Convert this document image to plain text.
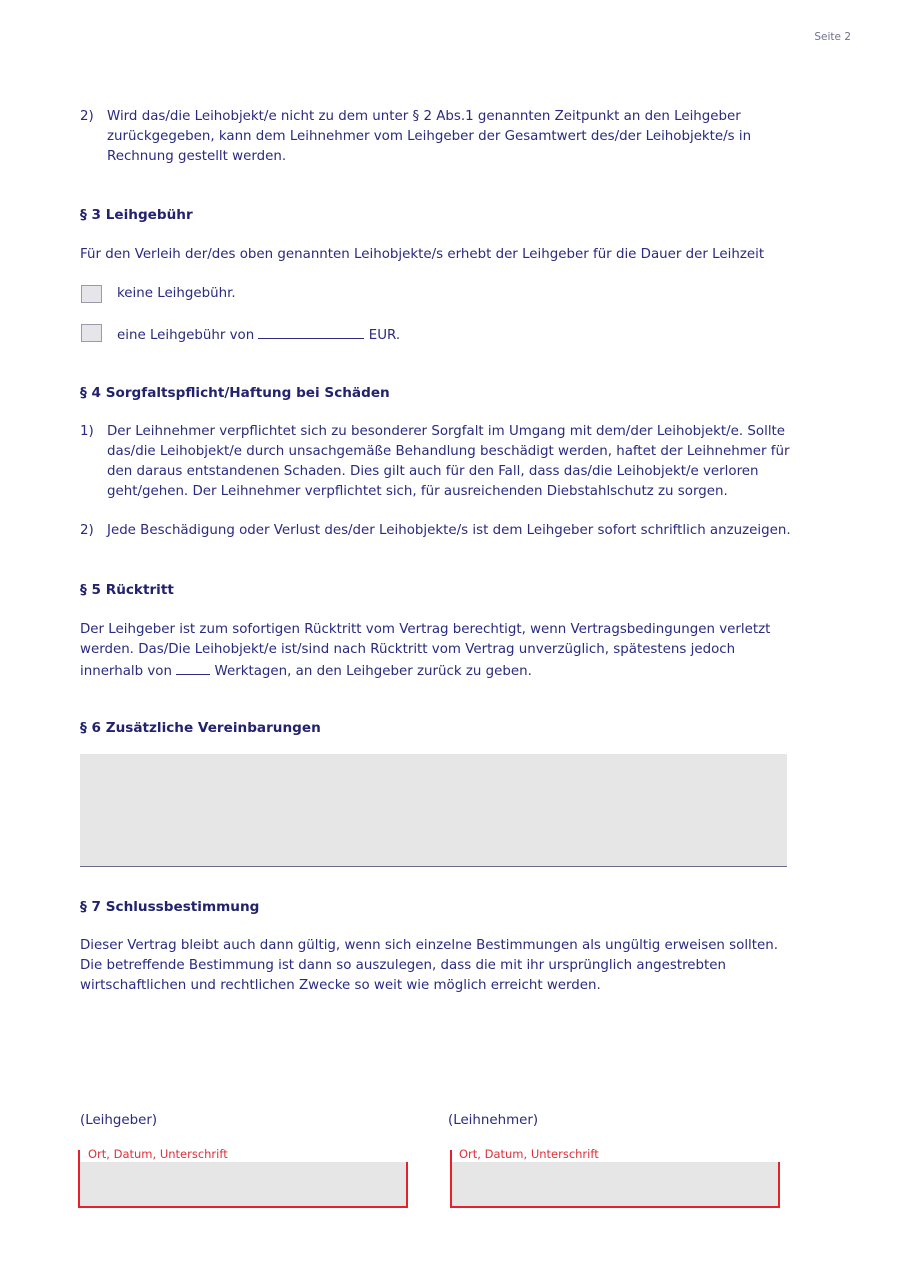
Seite 2
2) Wird das/die Leihobjekt/e nicht zu dem unter § 2 Abs.1 genannten Zeitpunkt an den Leihgeber zurückgegeben, kann dem Leihnehmer vom Leihgeber der Gesamtwert des/der Leihobjekte/s in Rechnung gestellt werden.
§ 3 Leihgebühr
Für den Verleih der/des oben genannten Leihobjekte/s erhebt der Leihgeber für die Dauer der Leihzeit
keine Leihgebühr.
eine Leihgebühr von	EUR.
§ 4 Sorgfaltspflicht/Haftung bei Schäden
1) Der Leihnehmer verpflichtet sich zu besonderer Sorgfalt im Umgang mit dem/der Leihobjekt/e. Sollte das/die Leihobjekt/e durch unsachgemäße Behandlung beschädigt werden, haftet der Leihnehmer für den daraus entstandenen Schaden. Dies gilt auch für den Fall, dass das/die Leihobjekt/e verloren geht/gehen. Der Leihnehmer verpflichtet sich, für ausreichenden Diebstahlschutz zu sorgen.
2) Jede Beschädigung oder Verlust des/der Leihobjekte/s ist dem Leihgeber sofort schriftlich anzuzeigen.
§ 5 Rücktritt
Der Leihgeber ist zum sofortigen Rücktritt vom Vertrag berechtigt, wenn Vertragsbedingungen verletzt werden. Das/Die Leihobjekt/e ist/sind nach Rücktritt vom Vertrag unverzüglich, spätestens jedoch innerhalb von	Werktagen, an den Leihgeber zurück zu geben.
§ 6 Zusätzliche Vereinbarungen
§ 7 Schlussbestimmung
Dieser Vertrag bleibt auch dann gültig, wenn sich einzelne Bestimmungen als ungültig erweisen sollten. Die betreffende Bestimmung ist dann so auszulegen, dass die mit ihr ursprünglich angestrebten wirtschaftlichen und rechtlichen Zwecke so weit wie möglich erreicht werden.
(Leihgeber)	(Leihnehmer)
Ort, Datum, Unterschrift	Ort, Datum, Unterschrift
